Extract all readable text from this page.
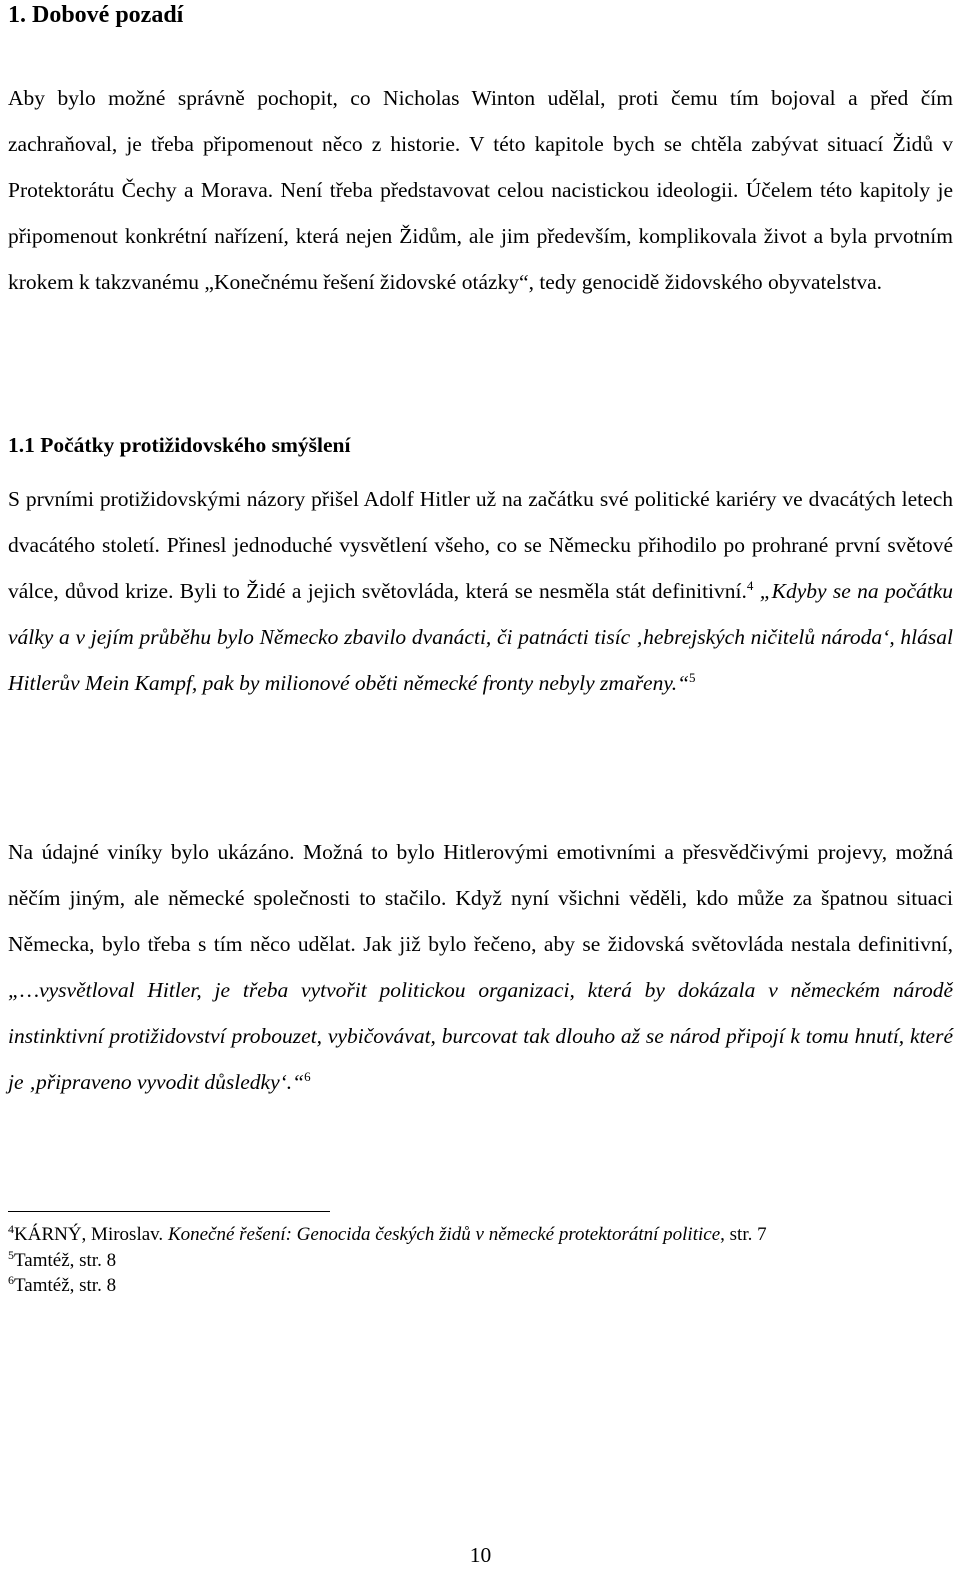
1. Dobové pozadí

Aby bylo možné správně pochopit, co Nicholas Winton udělal, proti čemu tím bojoval a před čím zachraňoval, je třeba připomenout něco z historie. V této kapitole bych se chtěla zabývat situací Židů v Protektorátu Čechy a Morava. Není třeba představovat celou nacistickou ideologii. Účelem této kapitoly je připomenout konkrétní nařízení, která nejen Židům, ale jim především, komplikovala život a byla prvotním krokem k takzvanému „Konečnému řešení židovské otázky“, tedy genocidě židovského obyvatelstva.

1.1 Počátky protižidovského smýšlení

S prvními protižidovskými názory přišel Adolf Hitler už na začátku své politické kariéry ve dvacátých letech dvacátého století. Přinesl jednoduché vysvětlení všeho, co se Německu přihodilo po prohrané první světové válce, důvod krize. Byli to Židé a jejich světovláda, která se nesměla stát definitivní.$^4$ „Kdyby se na počátku války a v jejím průběhu bylo Německo zbavilo dvanácti, či patnácti tisíc ‚hebrejských ničitelů národa‘, hlásal Hitlerův Mein Kampf, pak by milionové oběti německé fronty nebyly zmařeny.“$^5$

Na údajné viníky bylo ukázáno. Možná to bylo Hitlerovými emotivními a přesvědčivými projevy, možná něčím jiným, ale německé společnosti to stačilo. Když nyní všichni věděli, kdo může za špatnou situaci Německa, bylo třeba s tím něco udělat. Jak již bylo řečeno, aby se židovská světovláda nestala definitivní, „…vysvětloval Hitler, je třeba vytvořit politickou organizaci, která by dokázala v německém národě instinktivní protižidovství probouzet, vybičovávat, burcovat tak dlouho až se národ připojí k tomu hnutí, které je ‚připraveno vyvodit důsledky‘.“$^6$

$^4$KÁRNÝ, Miroslav. Konečné řešení: Genocida českých židů v německé protektorátní politice, str. 7
$^5$Tamtéž, str. 8
$^6$Tamtéž, str. 8
10
